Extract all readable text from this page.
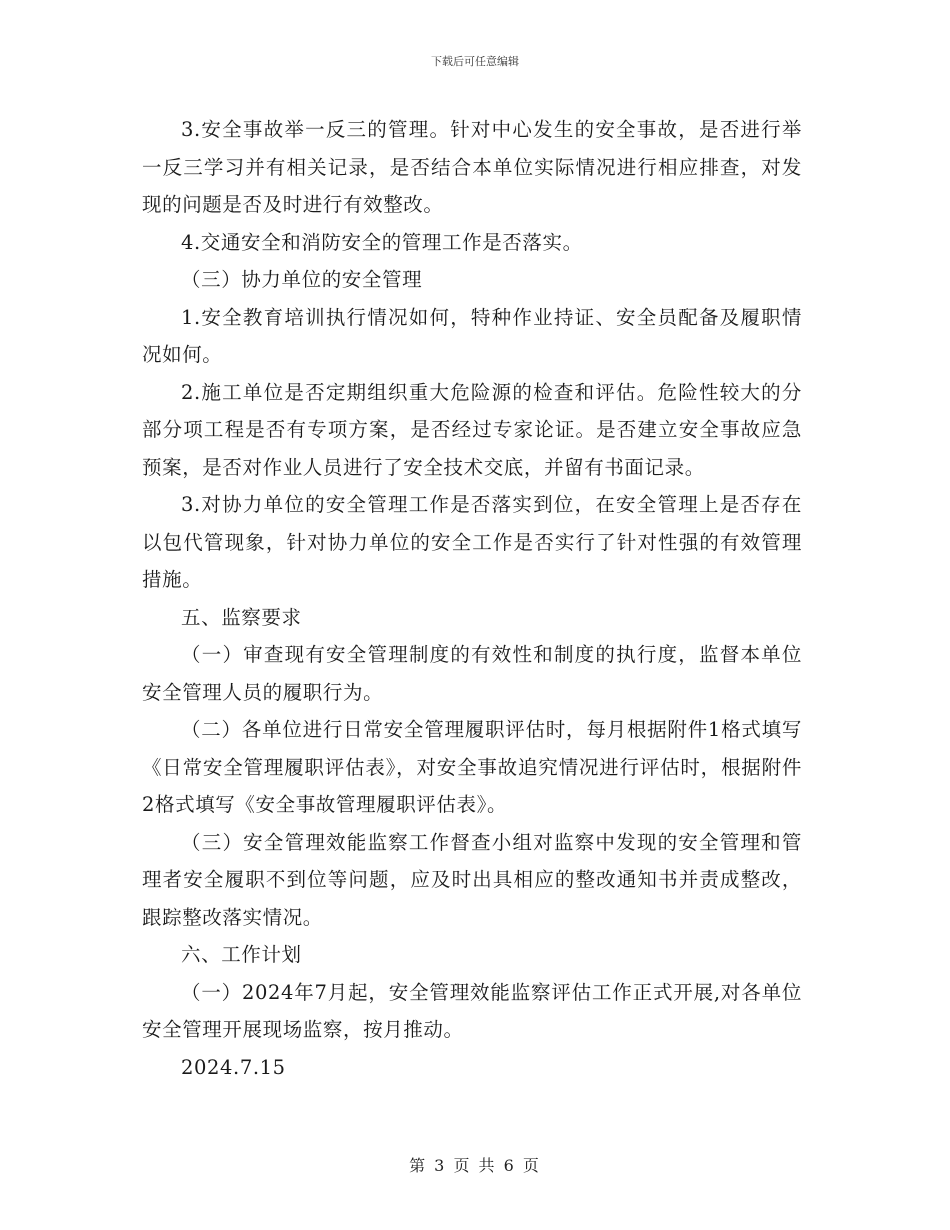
下载后可任意编辑

3.安全事故举一反三的管理。针对中心发生的安全事故，是否进行举一反三学习并有相关记录，是否结合本单位实际情况进行相应排查，对发现的问题是否及时进行有效整改。

4.交通安全和消防安全的管理工作是否落实。

（三）协力单位的安全管理

1.安全教育培训执行情况如何，特种作业持证、安全员配备及履职情况如何。

2.施工单位是否定期组织重大危险源的检查和评估。危险性较大的分部分项工程是否有专项方案，是否经过专家论证。是否建立安全事故应急预案，是否对作业人员进行了安全技术交底，并留有书面记录。

3.对协力单位的安全管理工作是否落实到位，在安全管理上是否存在以包代管现象，针对协力单位的安全工作是否实行了针对性强的有效管理措施。

五、监察要求

（一）审查现有安全管理制度的有效性和制度的执行度，监督本单位安全管理人员的履职行为。

（二）各单位进行日常安全管理履职评估时，每月根据附件1格式填写《日常安全管理履职评估表》，对安全事故追究情况进行评估时，根据附件2格式填写《安全事故管理履职评估表》。

（三）安全管理效能监察工作督查小组对监察中发现的安全管理和管理者安全履职不到位等问题，应及时出具相应的整改通知书并责成整改，跟踪整改落实情况。

六、工作计划

（一）2024年7月起，安全管理效能监察评估工作正式开展,对各单位安全管理开展现场监察，按月推动。

2024.7.15

第 3 页 共 6 页
